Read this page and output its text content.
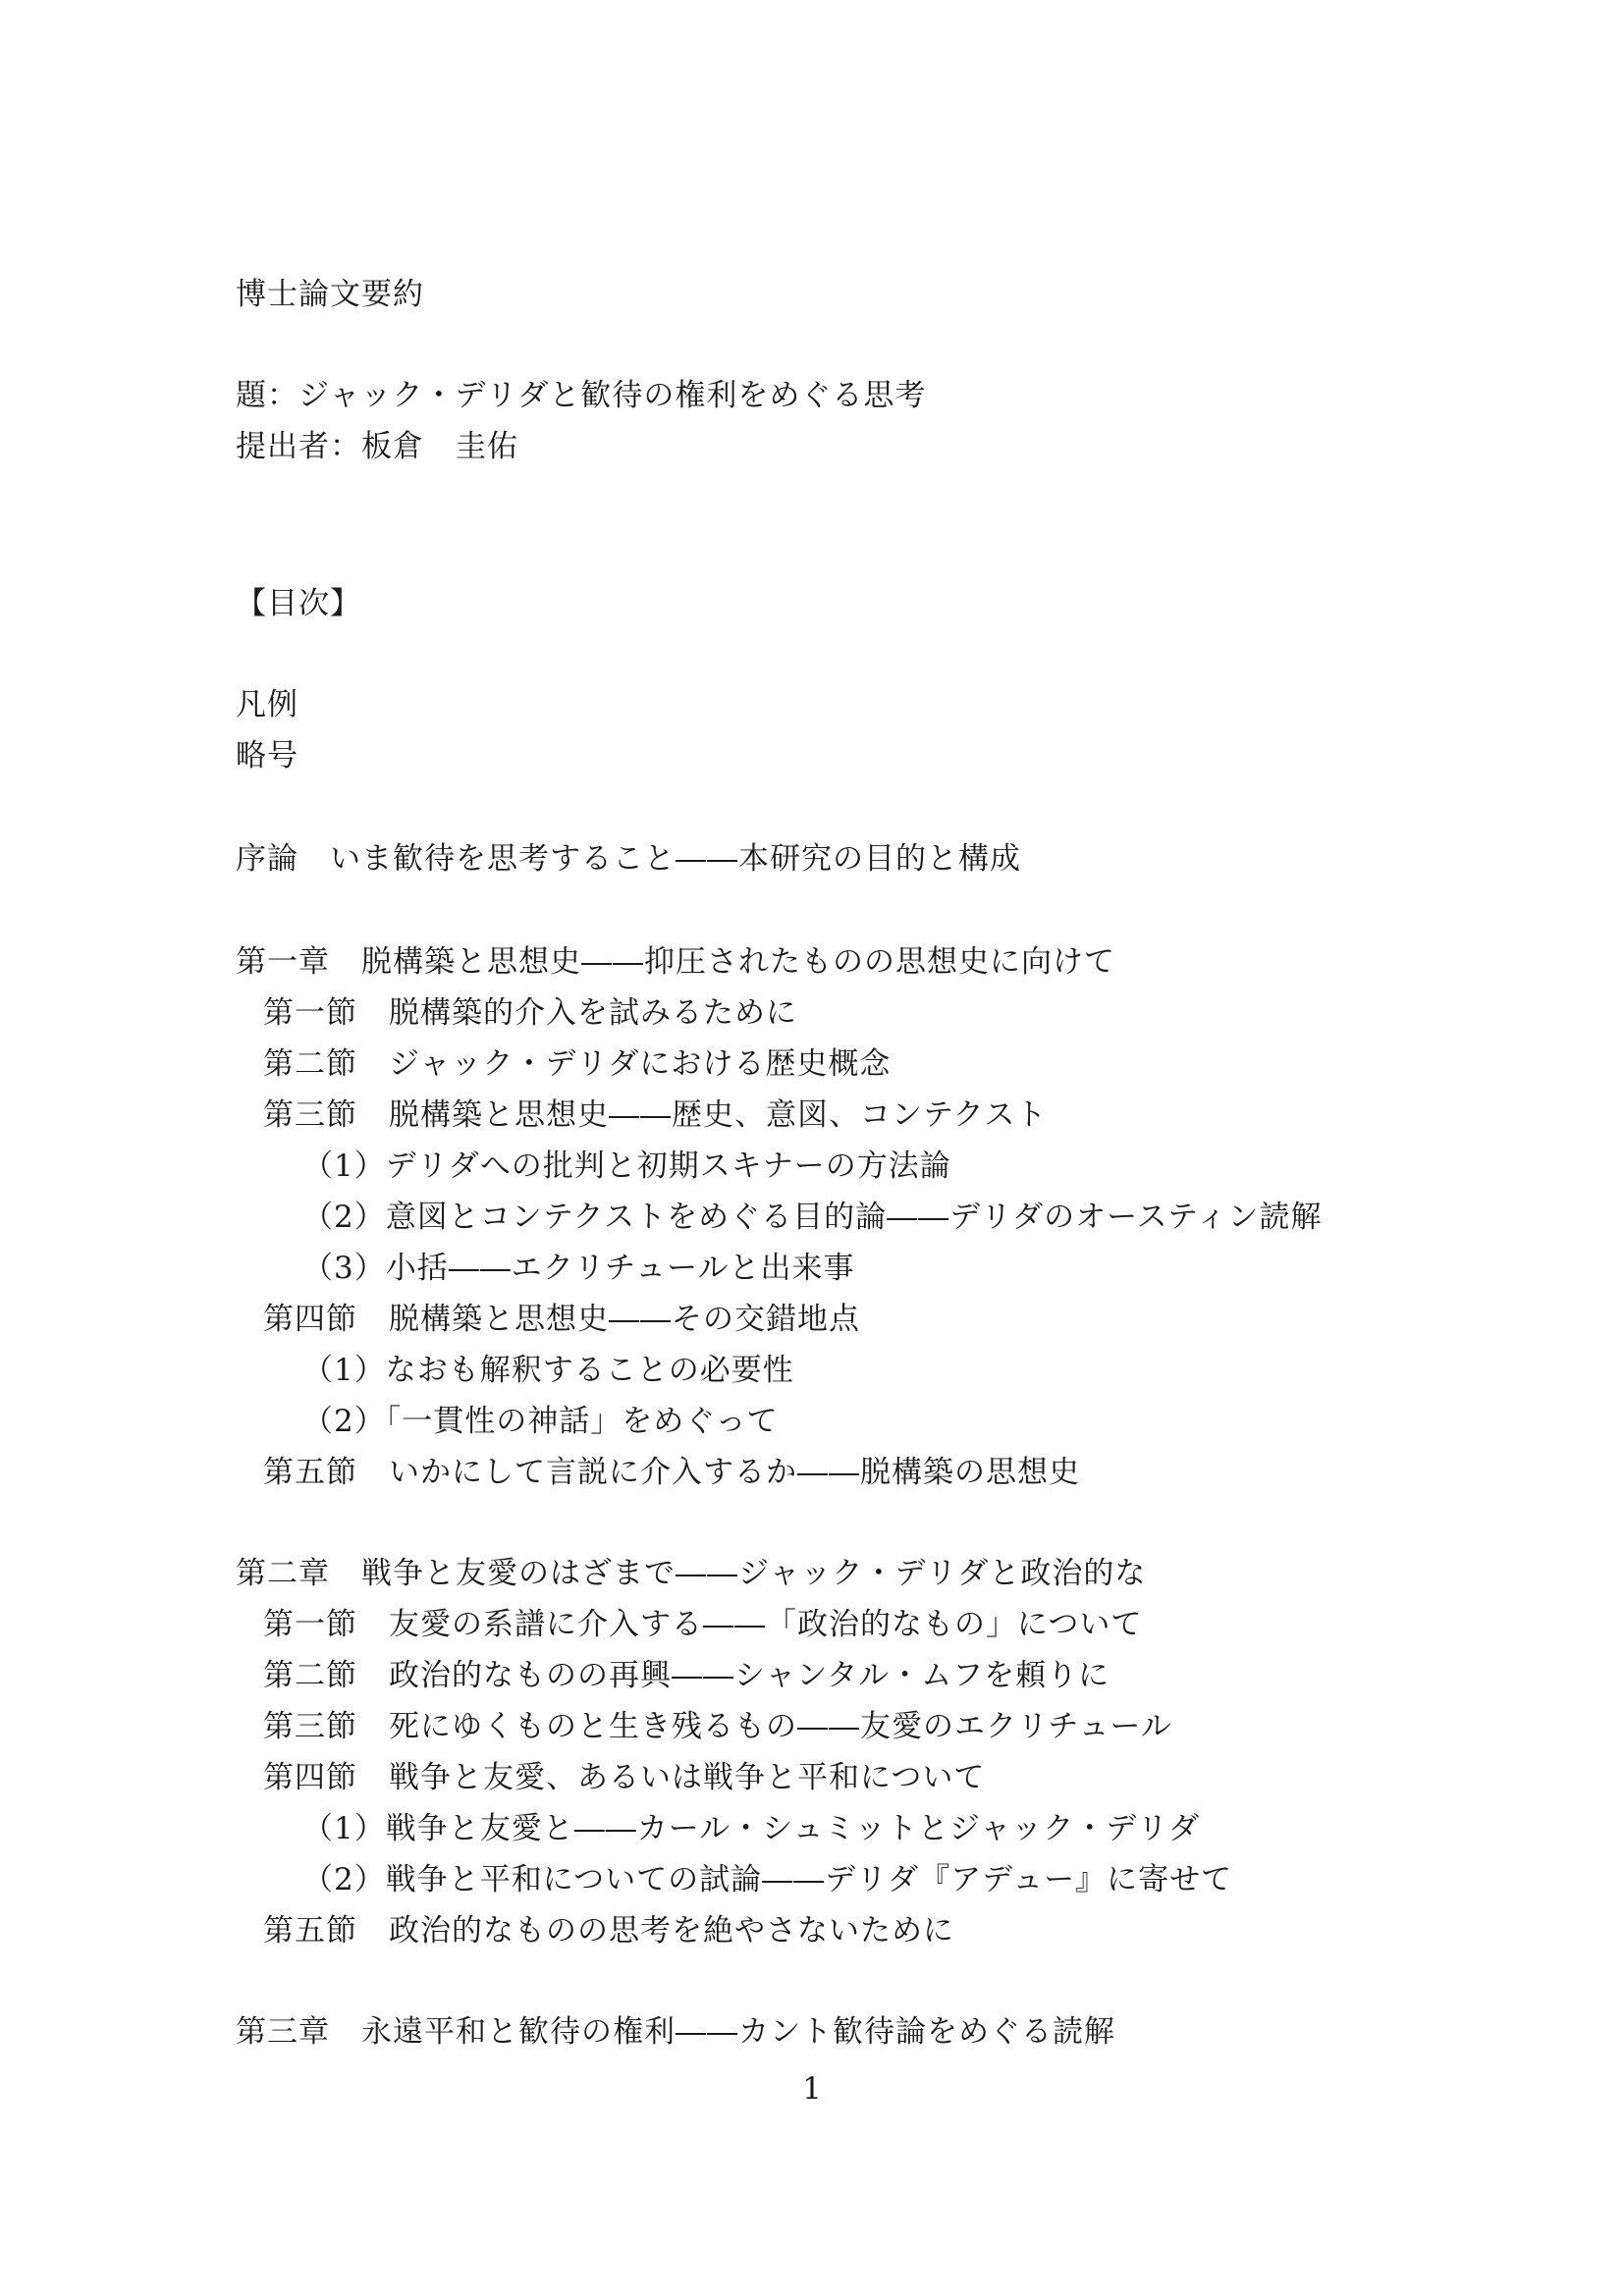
博士論文要約
題：ジャック・デリダと歓待の権利をめぐる思考
提出者：板倉　圭佑
【目次】
凡例
略号
序論　いま歓待を思考すること――本研究の目的と構成
第一章　脱構築と思想史――抑圧されたものの思想史に向けて
第一節　脱構築的介入を試みるために
第二節　ジャック・デリダにおける歴史概念
第三節　脱構築と思想史――歴史、意図、コンテクスト
（1）デリダへの批判と初期スキナーの方法論
（2）意図とコンテクストをめぐる目的論――デリダのオースティン読解
（3）小括――エクリチュールと出来事
第四節　脱構築と思想史――その交錯地点
（1）なおも解釈することの必要性
（2）「一貫性の神話」をめぐって
第五節　いかにして言説に介入するか――脱構築の思想史
第二章　戦争と友愛のはざまで――ジャック・デリダと政治的な
第一節　友愛の系譜に介入する――「政治的なもの」について
第二節　政治的なものの再興――シャンタル・ムフを頼りに
第三節　死にゆくものと生き残るもの――友愛のエクリチュール
第四節　戦争と友愛、あるいは戦争と平和について
（1）戦争と友愛と――カール・シュミットとジャック・デリダ
（2）戦争と平和についての試論――デリダ『アデュー』に寄せて
第五節　政治的なものの思考を絶やさないために
第三章　永遠平和と歓待の権利――カント歓待論をめぐる読解
1
